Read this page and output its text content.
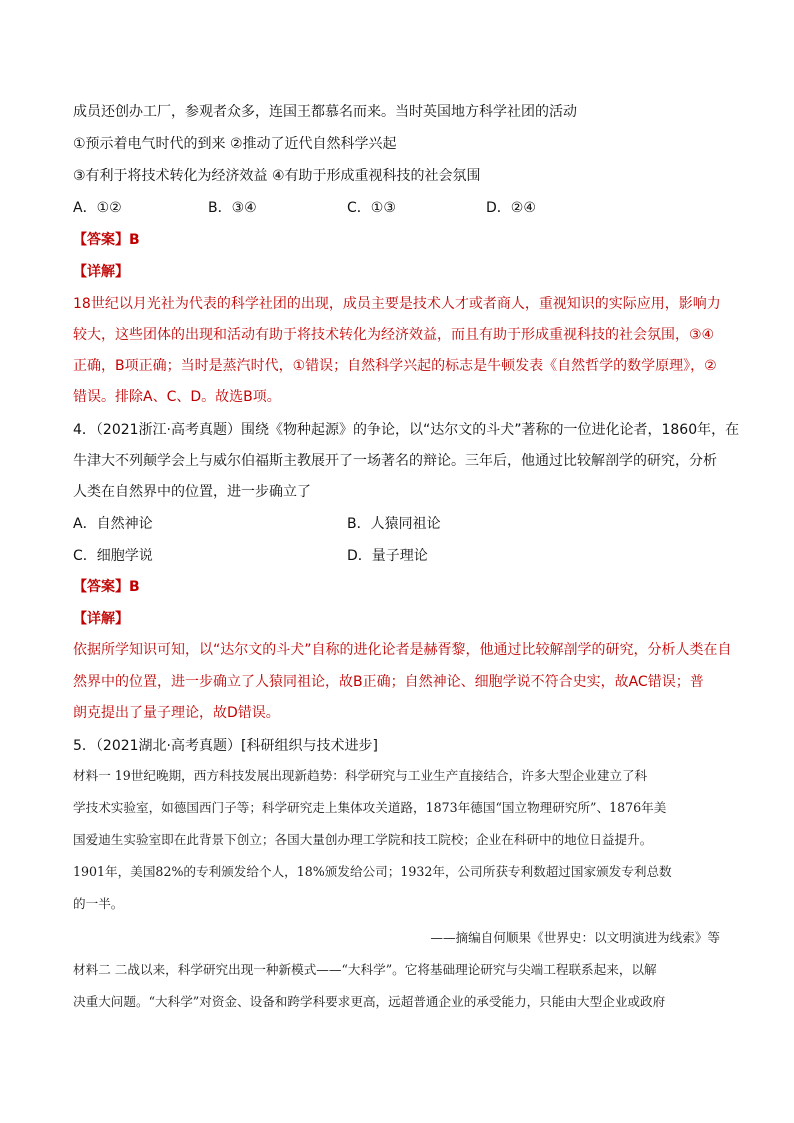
成员还创办工厂，参观者众多，连国王都慕名而来。当时英国地方科学社团的活动
①预示着电气时代的到来 ②推动了近代自然科学兴起
③有利于将技术转化为经济效益 ④有助于形成重视科技的社会氛围
A．①②	B．③④	C．①③	D．②④
【答案】B
【详解】
18世纪以月光社为代表的科学社团的出现，成员主要是技术人才或者商人，重视知识的实际应用，影响力
较大，这些团体的出现和活动有助于将技术转化为经济效益，而且有助于形成重视科技的社会氛围，③④
正确，B项正确；当时是蒸汽时代，①错误；自然科学兴起的标志是牛顿发表《自然哲学的数学原理》，②
错误。排除A、C、D。故选B项。
4．（2021浙江·高考真题）围绕《物种起源》的争论，以“达尔文的斗犬”著称的一位进化论者，1860年，在
牛津大不列颠学会上与威尔伯福斯主教展开了一场著名的辩论。三年后，他通过比较解剖学的研究，分析
人类在自然界中的位置，进一步确立了
A．自然神论	B．人猿同祖论
C．细胞学说	D．量子理论
【答案】B
【详解】
依据所学知识可知，以“达尔文的斗犬”自称的进化论者是赫胥黎，他通过比较解剖学的研究，分析人类在自
然界中的位置，进一步确立了人猿同祖论，故B正确；自然神论、细胞学说不符合史实，故AC错误；普
朗克提出了量子理论，故D错误。
5．（2021湖北·高考真题）[科研组织与技术进步]
材料一 19世纪晚期，西方科技发展出现新趋势：科学研究与工业生产直接结合，许多大型企业建立了科
学技术实验室，如德国西门子等；科学研究走上集体攻关道路，1873年德国“国立物理研究所”、1876年美
国爱迪生实验室即在此背景下创立；各国大量创办理工学院和技工院校；企业在科研中的地位日益提升。
1901年，美国82%的专利颁发给个人，18%颁发给公司；1932年，公司所获专利数超过国家颁发专利总数
的一半。
——摘编自何顺果《世界史：以文明演进为线索》等
材料二 二战以来，科学研究出现一种新模式——“大科学”。它将基础理论研究与尖端工程联系起来，以解
决重大问题。“大科学”对资金、设备和跨学科要求更高，远超普通企业的承受能力，只能由大型企业或政府
